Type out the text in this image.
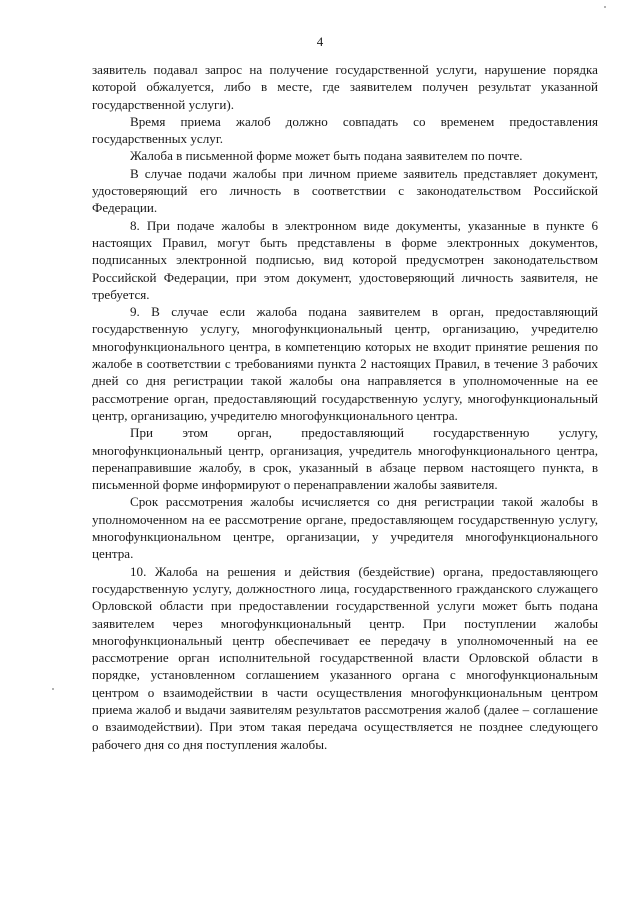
4

заявитель подавал запрос на получение государственной услуги, нарушение порядка которой обжалуется, либо в месте, где заявителем получен результат указанной государственной услуги).

Время приема жалоб должно совпадать со временем предоставления государственных услуг.

Жалоба в письменной форме может быть подана заявителем по почте.

В случае подачи жалобы при личном приеме заявитель представляет документ, удостоверяющий его личность в соответствии с законодательством Российской Федерации.

8. При подаче жалобы в электронном виде документы, указанные в пункте 6 настоящих Правил, могут быть представлены в форме электронных документов, подписанных электронной подписью, вид которой предусмотрен законодательством Российской Федерации, при этом документ, удостоверяющий личность заявителя, не требуется.

9. В случае если жалоба подана заявителем в орган, предоставляющий государственную услугу, многофункциональный центр, организацию, учредителю многофункционального центра, в компетенцию которых не входит принятие решения по жалобе в соответствии с требованиями пункта 2 настоящих Правил, в течение 3 рабочих дней со дня регистрации такой жалобы она направляется в уполномоченные на ее рассмотрение орган, предоставляющий государственную услугу, многофункциональный центр, организацию, учредителю многофункционального центра.

При этом орган, предоставляющий государственную услугу, многофункциональный центр, организация, учредитель многофункционального центра, перенаправившие жалобу, в срок, указанный в абзаце первом настоящего пункта, в письменной форме информируют о перенаправлении жалобы заявителя.

Срок рассмотрения жалобы исчисляется со дня регистрации такой жалобы в уполномоченном на ее рассмотрение органе, предоставляющем государственную услугу, многофункциональном центре, организации, у учредителя многофункционального центра.

10. Жалоба на решения и действия (бездействие) органа, предоставляющего государственную услугу, должностного лица, государственного гражданского служащего Орловской области при предоставлении государственной услуги может быть подана заявителем через многофункциональный центр. При поступлении жалобы многофункциональный центр обеспечивает ее передачу в уполномоченный на ее рассмотрение орган исполнительной государственной власти Орловской области в порядке, установленном соглашением указанного органа с многофункциональным центром о взаимодействии в части осуществления многофункциональным центром приема жалоб и выдачи заявителям результатов рассмотрения жалоб (далее – соглашение о взаимодействии). При этом такая передача осуществляется не позднее следующего рабочего дня со дня поступления жалобы.
